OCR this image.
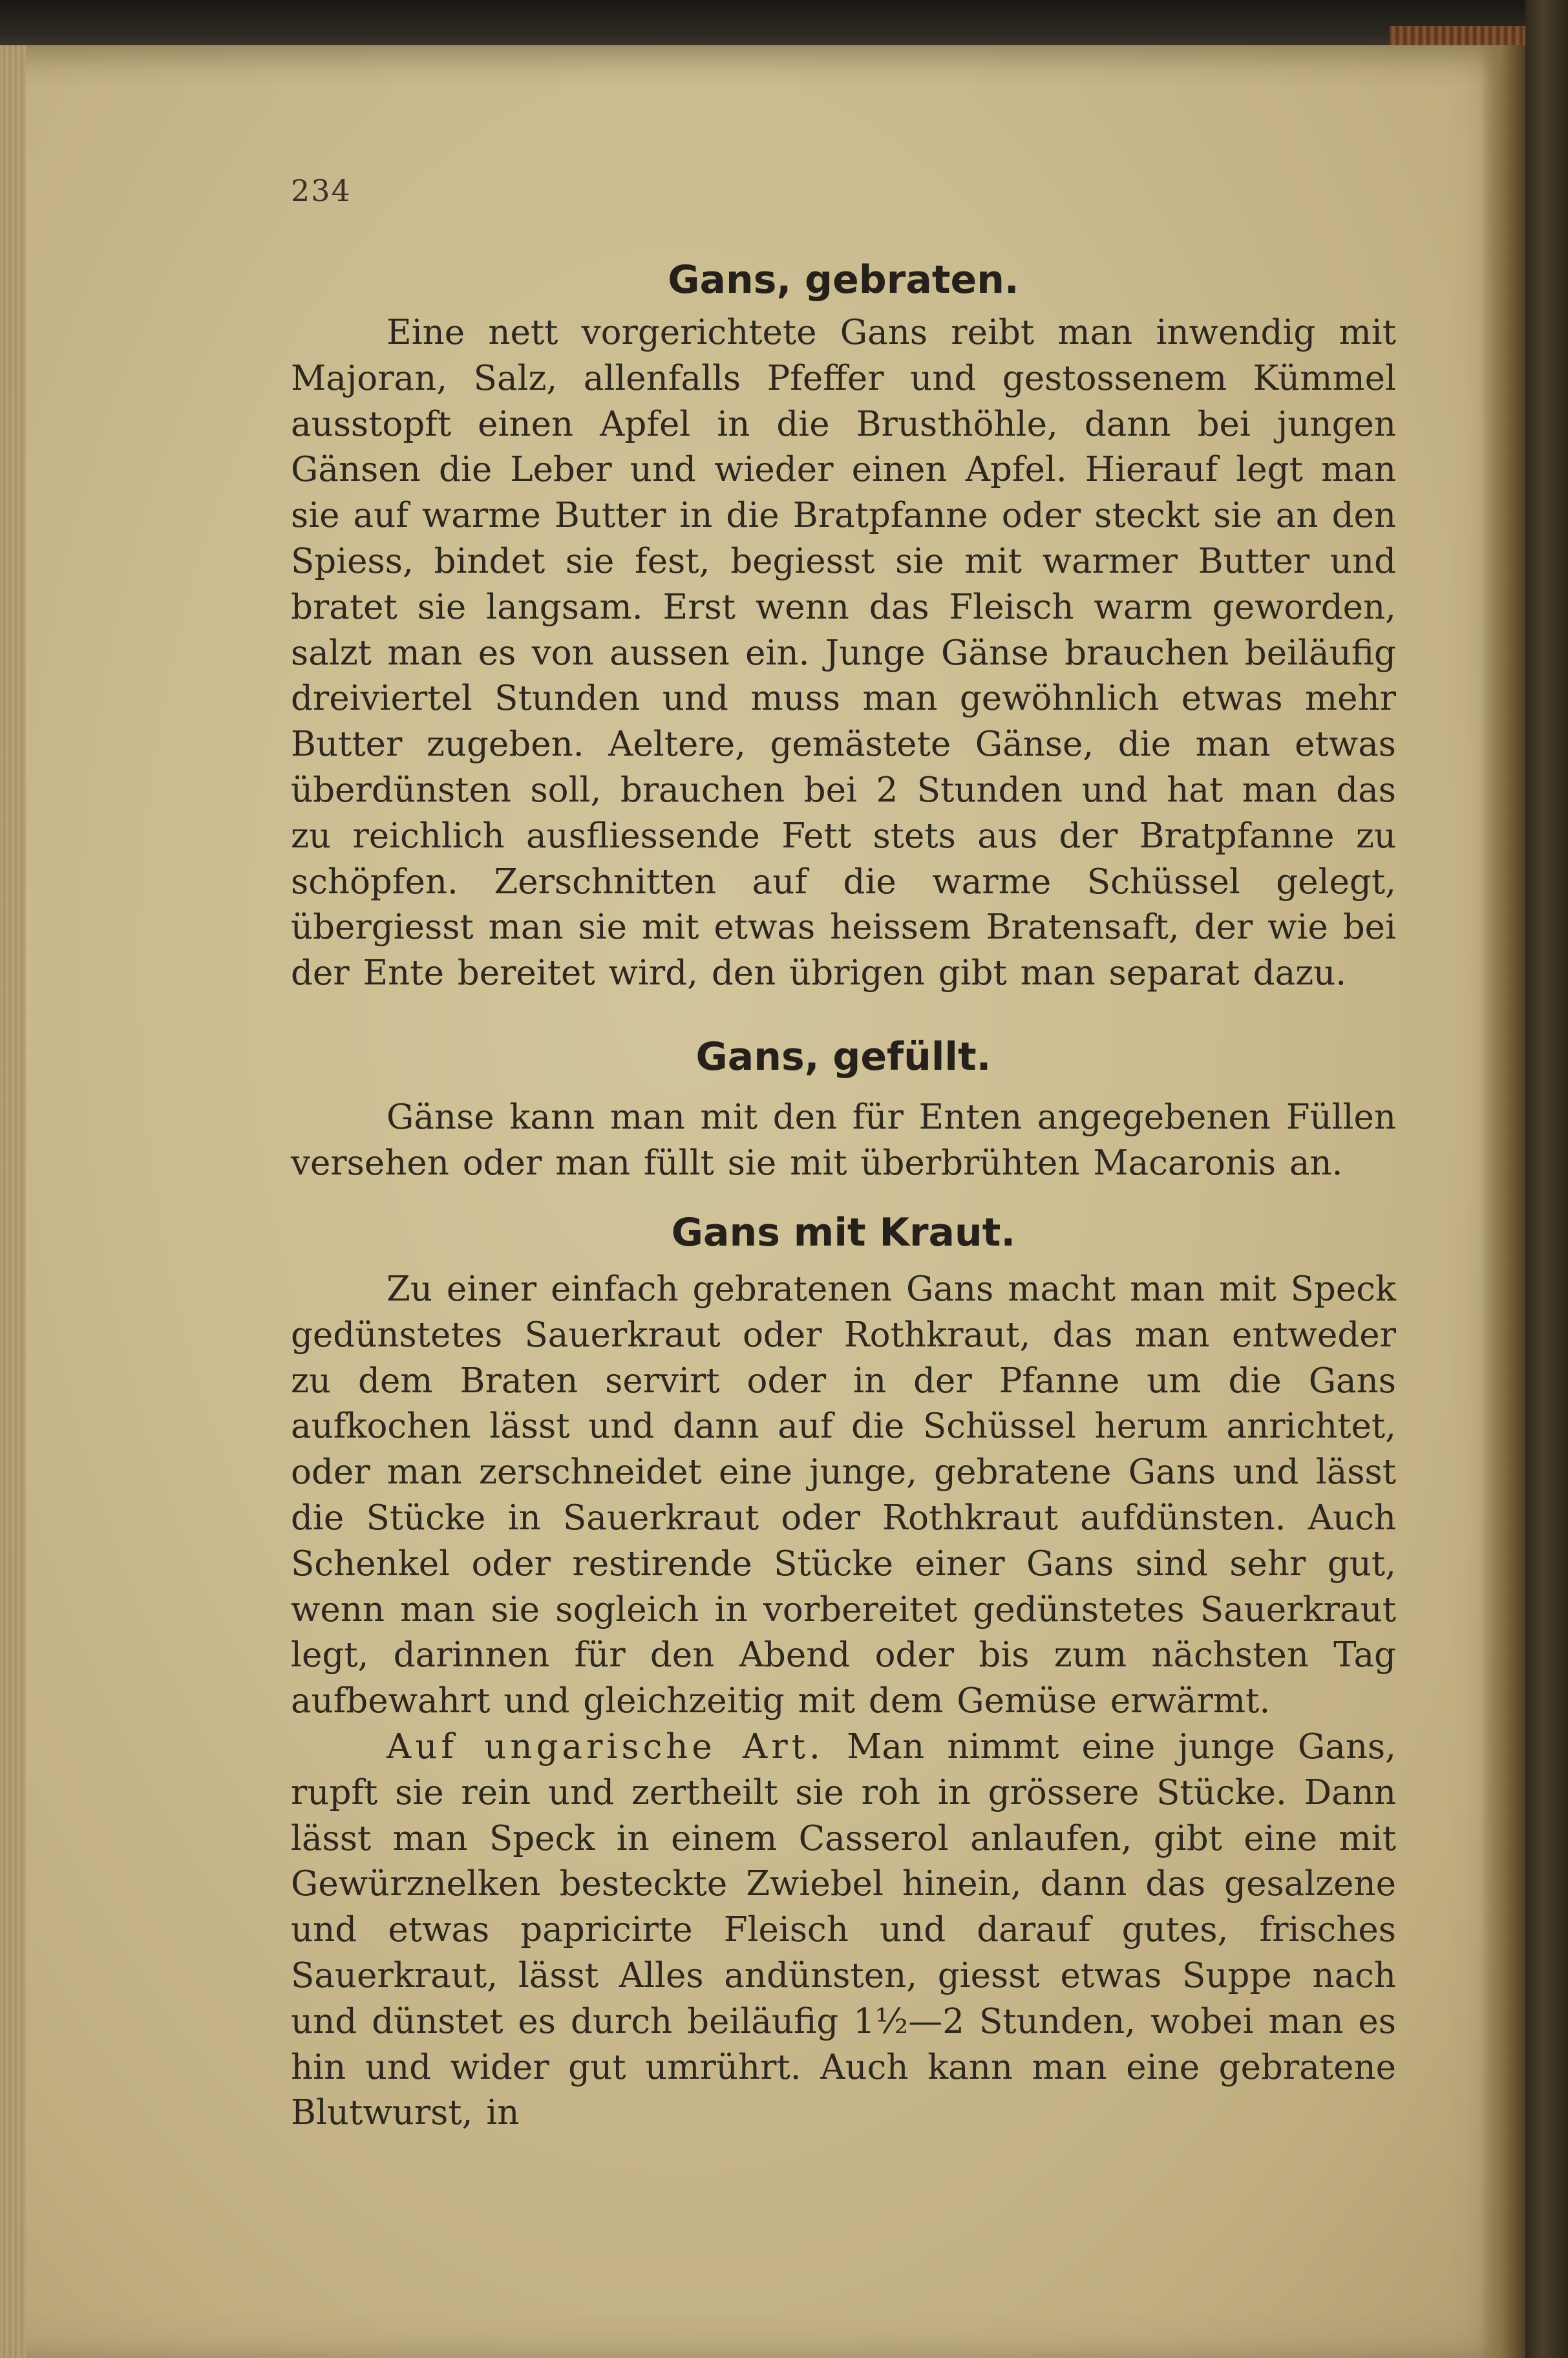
234
Gans, gebraten.

Eine nett vorgerichtete Gans reibt man inwendig mit Majoran, Salz, allenfalls Pfeffer und gestossenem Kümmel ausstopft einen Apfel in die Brusthöhle, dann bei jungen Gänsen die Leber und wieder einen Apfel. Hierauf legt man sie auf warme Butter in die Bratpfanne oder steckt sie an den Spiess, bindet sie fest, begiesst sie mit warmer Butter und bratet sie langsam. Erst wenn das Fleisch warm geworden, salzt man es von aussen ein. Junge Gänse brauchen beiläufig dreiviertel Stunden und muss man gewöhnlich etwas mehr Butter zugeben. Aeltere, gemästete Gänse, die man etwas überdünsten soll, brauchen bei 2 Stunden und hat man das zu reichlich ausfliessende Fett stets aus der Bratpfanne zu schöpfen. Zerschnitten auf die warme Schüssel gelegt, übergiesst man sie mit etwas heissem Bratensaft, der wie bei der Ente bereitet wird, den übrigen gibt man separat dazu.

Gans, gefüllt.

Gänse kann man mit den für Enten angegebenen Füllen versehen oder man füllt sie mit überbrühten Macaronis an.

Gans mit Kraut.

Zu einer einfach gebratenen Gans macht man mit Speck gedünstetes Sauerkraut oder Rothkraut, das man entweder zu dem Braten servirt oder in der Pfanne um die Gans aufkochen lässt und dann auf die Schüssel herum anrichtet, oder man zerschneidet eine junge, gebratene Gans und lässt die Stücke in Sauerkraut oder Rothkraut aufdünsten. Auch Schenkel oder restirende Stücke einer Gans sind sehr gut, wenn man sie sogleich in vorbereitet gedünstetes Sauerkraut legt, darinnen für den Abend oder bis zum nächsten Tag aufbewahrt und gleichzeitig mit dem Gemüse erwärmt.

Auf ungarische Art. Man nimmt eine junge Gans, rupft sie rein und zertheilt sie roh in grössere Stücke. Dann lässt man Speck in einem Casserol anlaufen, gibt eine mit Gewürznelken besteckte Zwiebel hinein, dann das gesalzene und etwas papricirte Fleisch und darauf gutes, frisches Sauerkraut, lässt Alles andünsten, giesst etwas Suppe nach und dünstet es durch beiläufig 1½—2 Stunden, wobei man es hin und wider gut umrührt. Auch kann man eine gebratene Blutwurst, in
